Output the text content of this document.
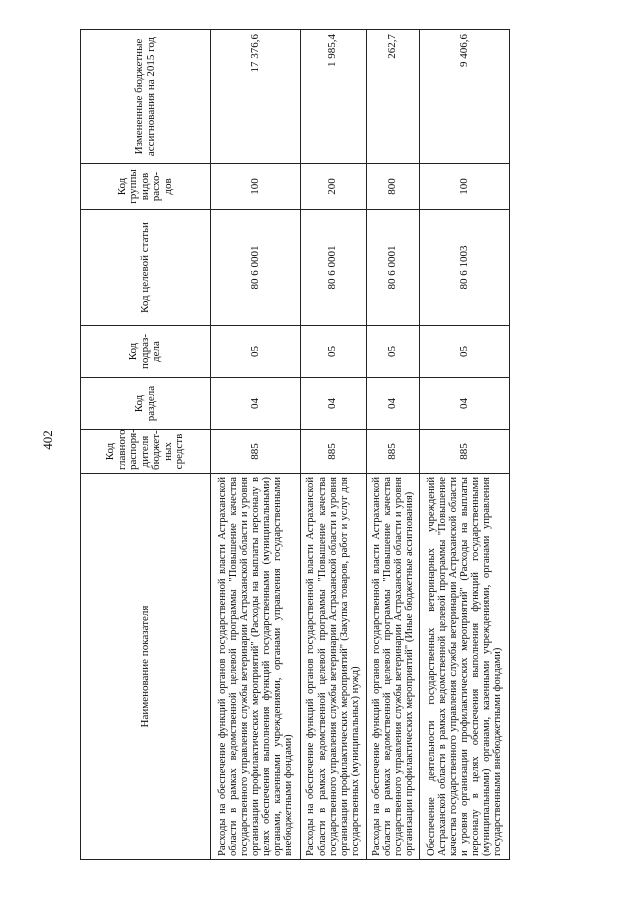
402
Наименование показателя	Код главного распоря-дителя бюджет-ных средств	Код раздела	Код подраз-дела	Код целевой статьи	Код группы видов расхо-дов	Измененные бюджетные ассигнования на 2015 год
Расходы на обеспечение функций органов государственной власти Астраханской области в рамках ведомственной целевой программы "Повышение качества государственного управления службы ветеринарии Астраханской области и уровня организации профилактических мероприятий" (Расходы на выплаты персоналу в целях обеспечения выполнения функций государственными (муниципальными) органами, казенными учреждениями, органами управления государственными внебюджетными фондами)	885	04	05	80 6 0001	100	17 376,6
Расходы на обеспечение функций органов государственной власти Астраханской области в рамках ведомственной целевой программы "Повышение качества государственного управления службы ветеринарии Астраханской области и уровня организации профилактических мероприятий" (Закупка товаров, работ и услуг для государственных (муниципальных) нужд)	885	04	05	80 6 0001	200	1 985,4
Расходы на обеспечение функций органов государственной власти Астраханской области в рамках ведомственной целевой программы "Повышение качества государственного управления службы ветеринарии Астраханской области и уровня организации профилактических мероприятий" (Иные бюджетные ассигнования)	885	04	05	80 6 0001	800	262,7
Обеспечение деятельности государственных ветеринарных учреждений Астраханской области в рамках ведомственной целевой программы "Повышение качества государственного управления службы ветеринарии Астраханской области и уровня организации профилактических мероприятий" (Расходы на выплаты персоналу в целях обеспечения выполнения функций государственными (муниципальными) органами, казенными учреждениями, органами управления государственными внебюджетными фондами)	885	04	05	80 6 1003	100	9 406,6
